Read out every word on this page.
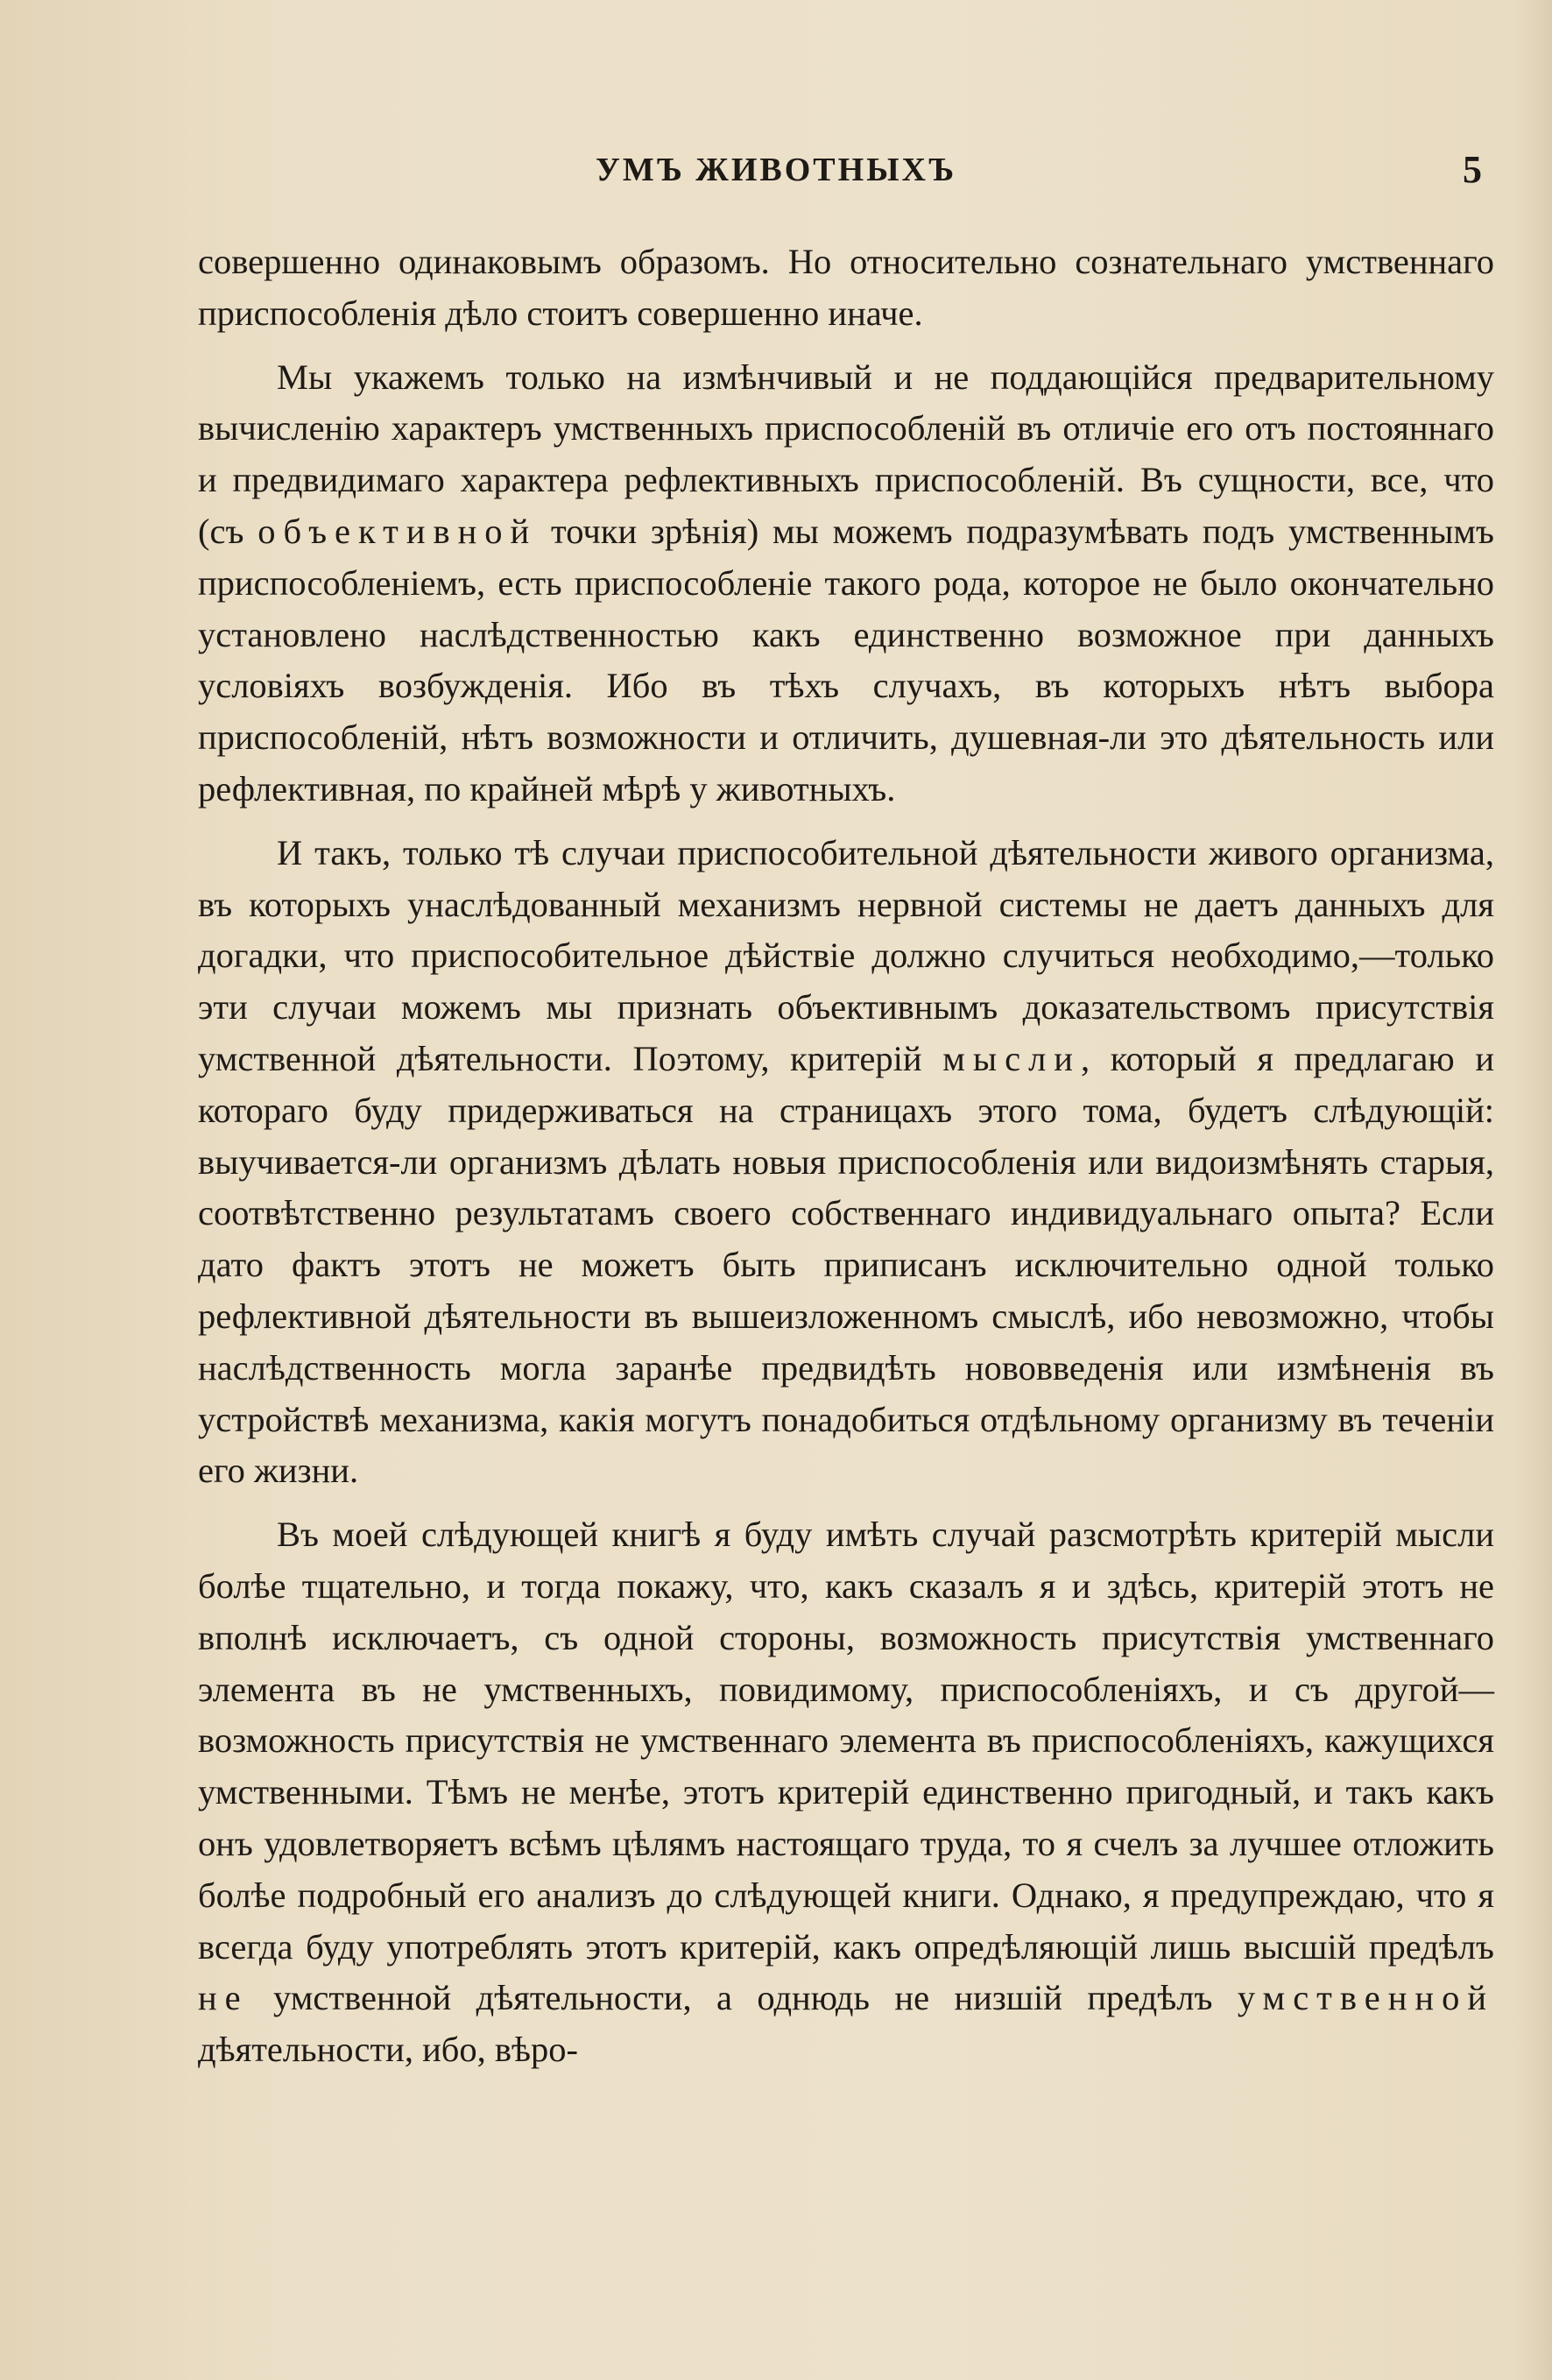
УМЪ ЖИВОТНЫХЪ	5

совершенно одинаковымъ образомъ. Но относительно сознательнаго умственнаго приспособленія дѣло стоитъ совершенно иначе.

Мы укажемъ только на измѣнчивый и не поддающійся предварительному вычисленію характеръ умственныхъ приспособленій въ отличіе его отъ постояннаго и предвидимаго характера рефлективныхъ приспособленій. Въ сущности, все, что (съ объективной точки зрѣнія) мы можемъ подразумѣвать подъ умственнымъ приспособленіемъ, есть приспособленіе такого рода, которое не было окончательно установлено наслѣдственностью какъ единственно возможное при данныхъ условіяхъ возбужденія. Ибо въ тѣхъ случахъ, въ которыхъ нѣтъ выбора приспособленій, нѣтъ возможности и отличить, душевная-ли это дѣятельность или рефлективная, по крайней мѣрѣ у животныхъ.

И такъ, только тѣ случаи приспособительной дѣятельности живого организма, въ которыхъ унаслѣдованный механизмъ нервной системы не даетъ данныхъ для догадки, что приспособительное дѣйствіе должно случиться необходимо,—только эти случаи можемъ мы признать объективнымъ доказательствомъ присутствія умственной дѣятельности. Поэтому, критерій мысли, который я предлагаю и котораго буду придерживаться на страницахъ этого тома, будетъ слѣдующій: выучивается-ли организмъ дѣлать новыя приспособленія или видоизмѣнять старыя, соотвѣтственно результатамъ своего собственнаго индивидуальнаго опыта? Если дато фактъ этотъ не можетъ быть приписанъ исключительно одной только рефлективной дѣятельности въ вышеизложенномъ смыслѣ, ибо невозможно, чтобы наслѣдственность могла заранѣе предвидѣть нововведенія или измѣненія въ устройствѣ механизма, какія могутъ понадобиться отдѣльному организму въ теченіи его жизни.

Въ моей слѣдующей книгѣ я буду имѣть случай разсмотрѣть критерій мысли болѣе тщательно, и тогда покажу, что, какъ сказалъ я и здѣсь, критерій этотъ не вполнѣ исключаетъ, съ одной стороны, возможность присутствія умственнаго элемента въ не умственныхъ, повидимому, приспособленіяхъ, и съ другой—возможность присутствія не умственнаго элемента въ приспособленіяхъ, кажущихся умственными. Тѣмъ не менѣе, этотъ критерій единственно пригодный, и такъ какъ онъ удовлетворяетъ всѣмъ цѣлямъ настоящаго труда, то я счелъ за лучшее отложить болѣе подробный его анализъ до слѣдующей книги. Однако, я предупреждаю, что я всегда буду употреблять этотъ критерій, какъ опредѣляющій лишь высшій предѣлъ не умственной дѣятельности, а однюдь не низшій предѣлъ умственной дѣятельности, ибо, вѣро-
